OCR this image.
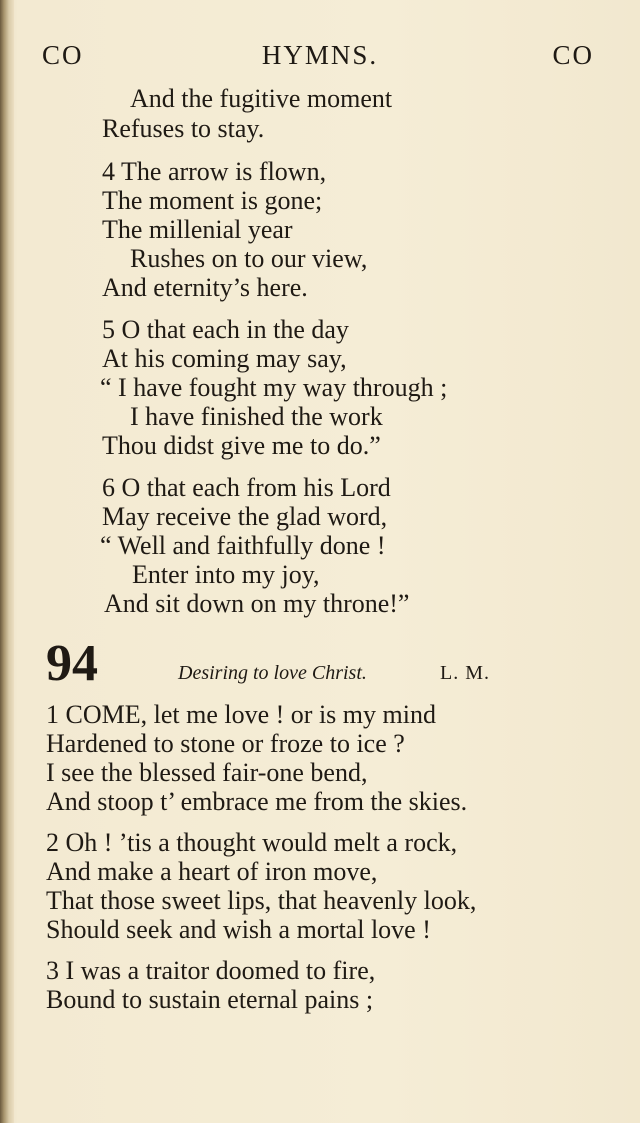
CO	HYMNS.	CO
And the fugitive moment
Refuses to stay.
4 The arrow is flown,
The moment is gone;
The millenial year
Rushes on to our view,
And eternity’s here.
5 O that each in the day
At his coming may say,
“ I have fought my way through ;
I have finished the work
Thou didst give me to do.”
6 O that each from his Lord
May receive the glad word,
“ Well and faithfully done !
Enter into my joy,
And sit down on my throne!”
94	Desiring to love Christ.	L. M.
1 COME, let me love ! or is my mind
Hardened to stone or froze to ice ?
I see the blessed fair-one bend,
And stoop t’ embrace me from the skies.
2 Oh ! ’tis a thought would melt a rock,
And make a heart of iron move,
That those sweet lips, that heavenly look,
Should seek and wish a mortal love !
3 I was a traitor doomed to fire,
Bound to sustain eternal pains ;
